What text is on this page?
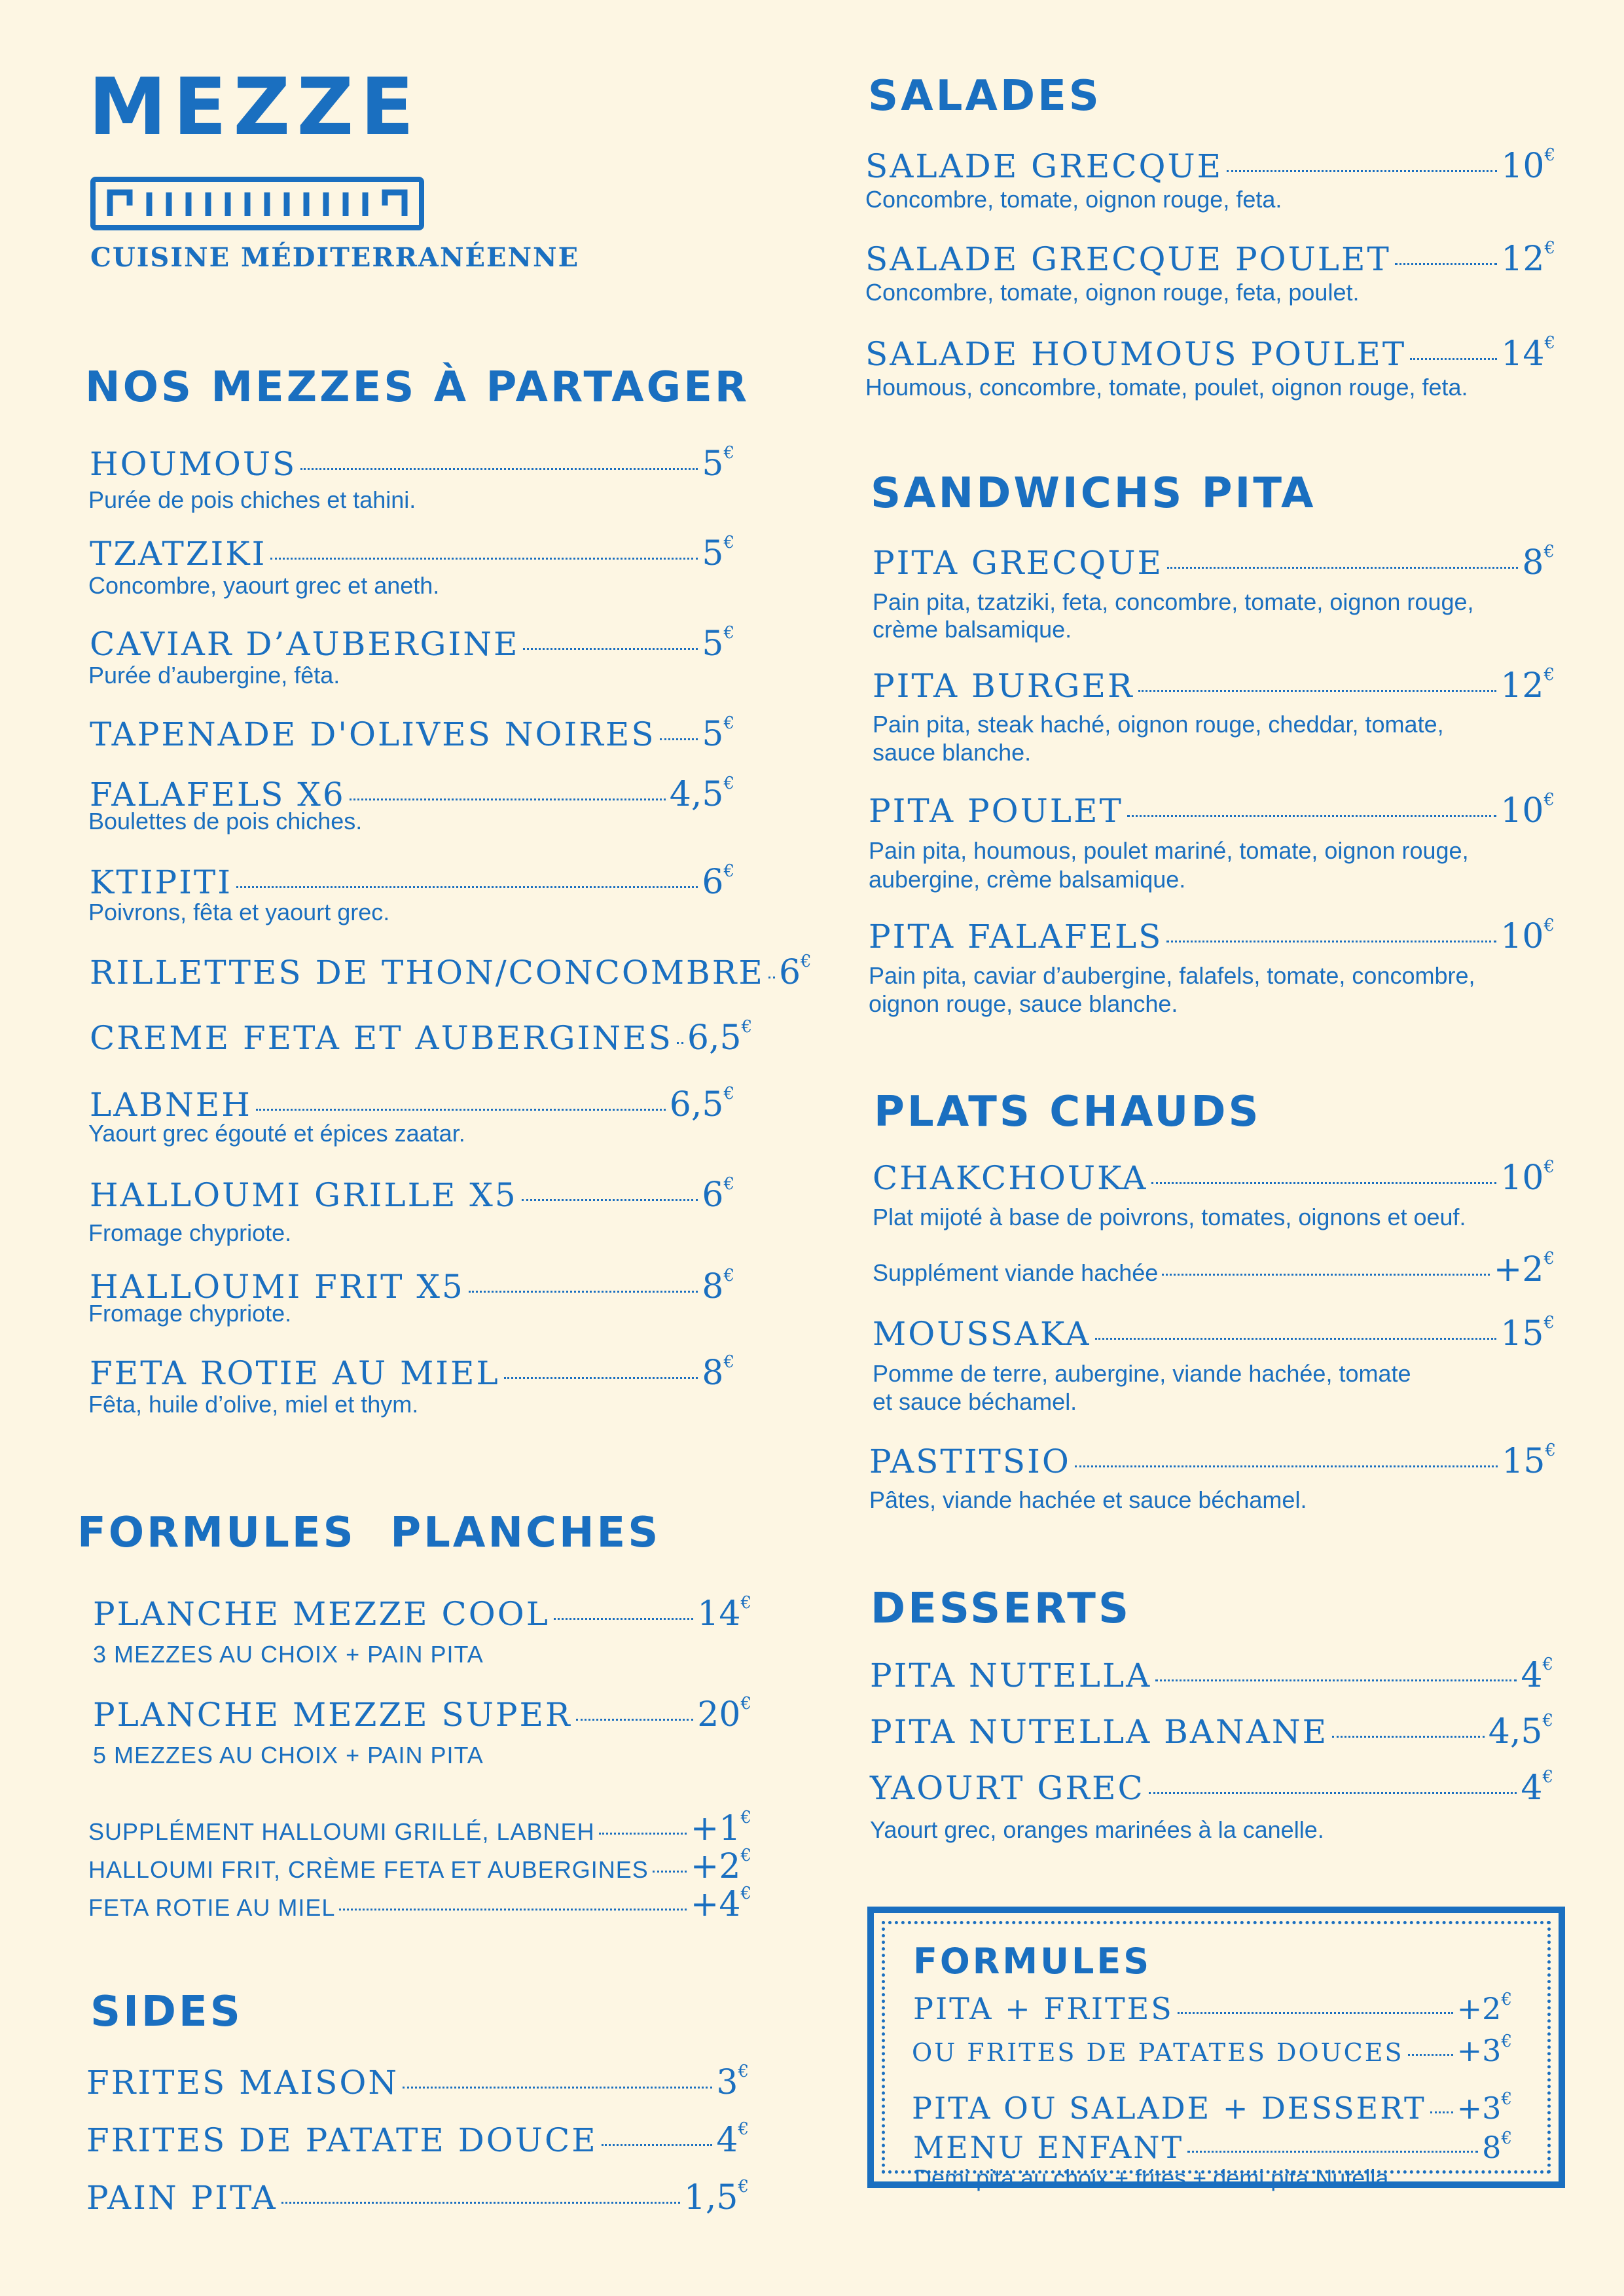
MEZZE
CUISINE MÉDITERRANÉENNE
NOS MEZZES À PARTAGER
HOUMOUS	5€
Purée de pois chiches et tahini.
TZATZIKI	5€
Concombre, yaourt grec et aneth.
CAVIAR D’AUBERGINE	5€
Purée d’aubergine, fêta.
TAPENADE D'OLIVES NOIRES 5€
FALAFELS X6	4,5€
Boulettes de pois chiches.
KTIPITI	6€
Poivrons, fêta et yaourt grec.
RILLETTES DE THON/CONCOMBRE 6€
CREME FETA ET AUBERGINES 6,5€
LABNEH	6,5€
Yaourt grec égouté et épices zaatar.
HALLOUMI GRILLE X5	6€
Fromage chypriote.
HALLOUMI FRIT X5	8€
Fromage chypriote.
FETA ROTIE AU MIEL	8€
Fêta, huile d’olive, miel et thym.
FORMULES  PLANCHES
PLANCHE MEZZE COOL	14€
3 MEZZES AU CHOIX + PAIN PITA
PLANCHE MEZZE SUPER	20€
5 MEZZES AU CHOIX + PAIN PITA
SUPPLÉMENT HALLOUMI GRILLÉ, LABNEH	+1€
HALLOUMI FRIT, CRÈME FETA ET AUBERGINES +2€
FETA ROTIE AU MIEL	+4€
SIDES
FRITES MAISON	3€
FRITES DE PATATE DOUCE	4€
PAIN PITA	1,5€
SALADES
SALADE GRECQUE	10€
Concombre, tomate, oignon rouge, feta.
SALADE GRECQUE POULET	12€
Concombre, tomate, oignon rouge, feta, poulet.
SALADE HOUMOUS POULET	14€
Houmous, concombre, tomate, poulet, oignon rouge, feta.
SANDWICHS PITA
PITA GRECQUE	8€
Pain pita, tzatziki, feta, concombre, tomate, oignon rouge,
crème balsamique.
PITA BURGER	12€
Pain pita, steak haché, oignon rouge, cheddar, tomate,
sauce blanche.
PITA POULET	10€
Pain pita, houmous, poulet mariné, tomate, oignon rouge,
aubergine, crème balsamique.
PITA FALAFELS	10€
Pain pita, caviar d’aubergine, falafels, tomate, concombre,
oignon rouge, sauce blanche.
PLATS CHAUDS
CHAKCHOUKA	10€
Plat mijoté à base de poivrons, tomates, oignons et oeuf.
Supplément viande hachée	+2€
MOUSSAKA	15€
Pomme de terre, aubergine, viande hachée, tomate
et sauce béchamel.
PASTITSIO	15€
Pâtes, viande hachée et sauce béchamel.
DESSERTS
PITA NUTELLA	4€
PITA NUTELLA BANANE	4,5€
YAOURT GREC	4€
Yaourt grec, oranges marinées à la canelle.
FORMULES
PITA + FRITES	+2€
OU FRITES DE PATATES DOUCES +3€
PITA OU SALADE + DESSERT +3€
MENU ENFANT	8€
Demi pita au choix + frites + demi pita Nutella.
